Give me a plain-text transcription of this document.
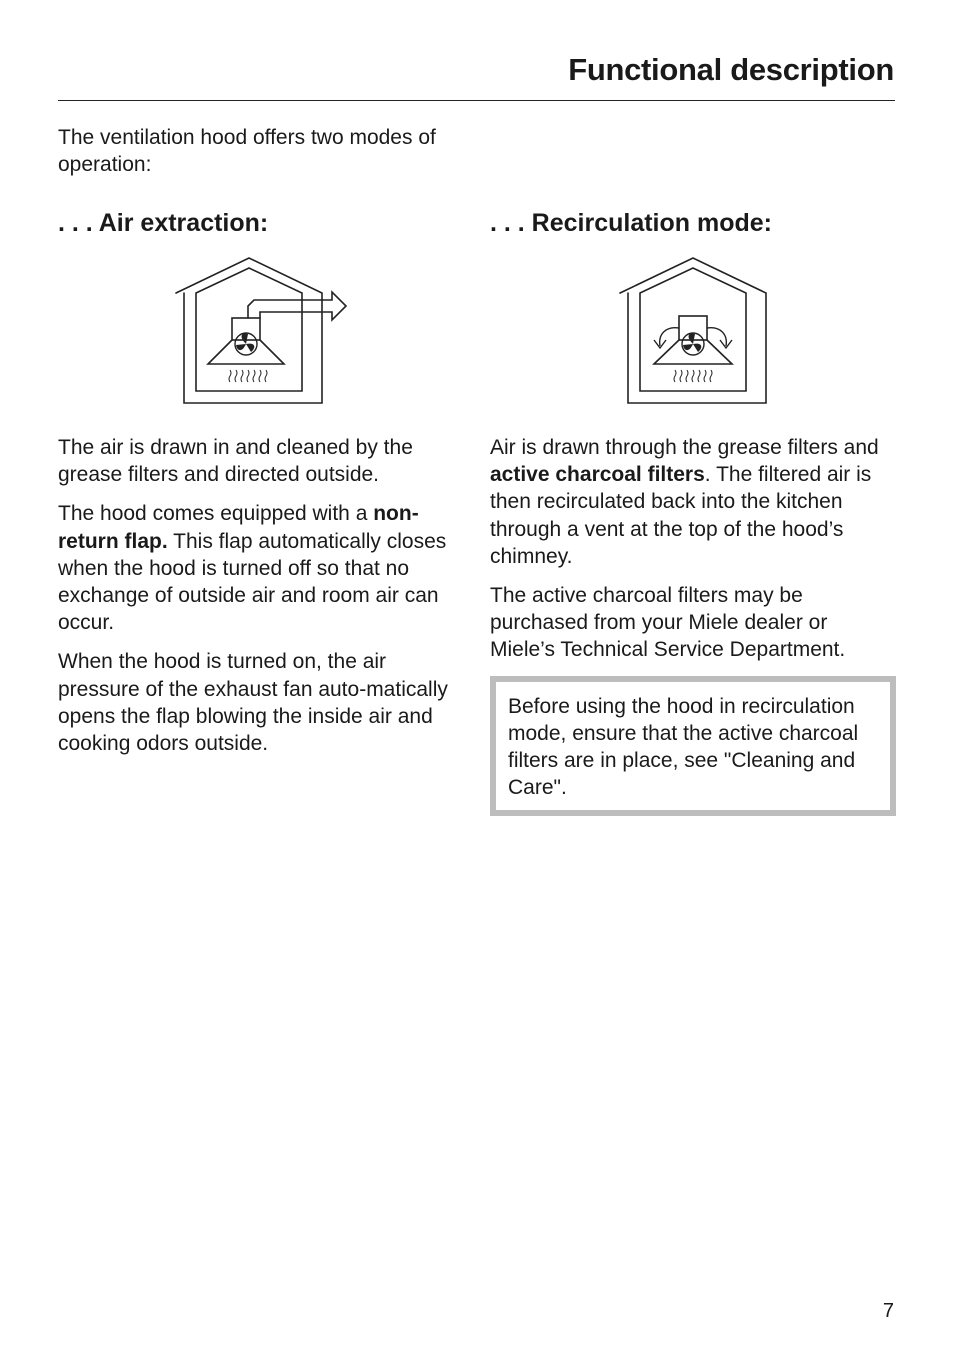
Functional description

The ventilation hood offers two modes of operation:

. . . Air extraction:

The air is drawn in and cleaned by the grease filters and directed outside.

The hood comes equipped with a non-return flap. This flap automatically closes when the hood is turned off so that no exchange of outside air and room air can occur.

When the hood is turned on, the air pressure of the exhaust fan auto-matically opens the flap blowing the inside air and cooking odors outside.

. . . Recirculation mode:

Air is drawn through the grease filters and active charcoal filters. The filtered air is then recirculated back into the kitchen through a vent at the top of the hood’s chimney.

The active charcoal filters may be purchased from your Miele dealer or Miele’s Technical Service Department.

Before using the hood in recirculation mode, ensure that the active charcoal filters are in place, see "Cleaning and Care".
7
